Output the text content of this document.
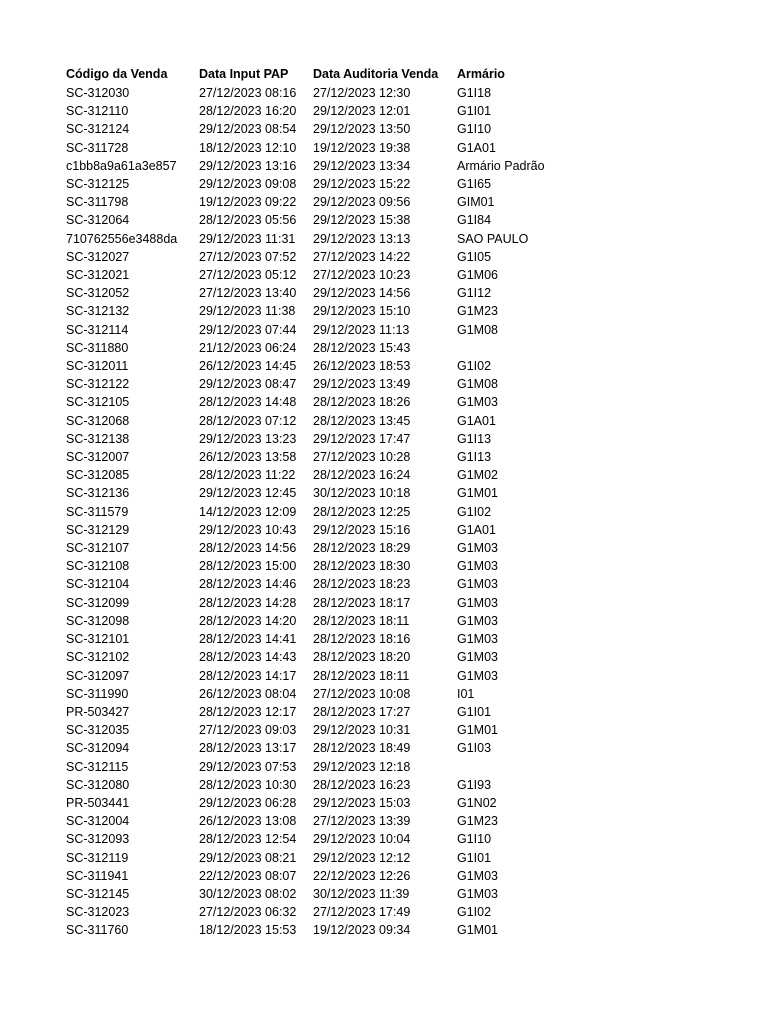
Código da Venda	Data Input PAP	Data Auditoria Venda	Armário
SC-312030	27/12/2023 08:16	27/12/2023 12:30	G1I18
SC-312110	28/12/2023 16:20	29/12/2023 12:01	G1I01
SC-312124	29/12/2023 08:54	29/12/2023 13:50	G1I10
SC-311728	18/12/2023 12:10	19/12/2023 19:38	G1A01
c1bb8a9a61a3e857	29/12/2023 13:16	29/12/2023 13:34	Armário Padrão
SC-312125	29/12/2023 09:08	29/12/2023 15:22	G1I65
SC-311798	19/12/2023 09:22	29/12/2023 09:56	GIM01
SC-312064	28/12/2023 05:56	29/12/2023 15:38	G1I84
710762556e3488da	29/12/2023 11:31	29/12/2023 13:13	SAO PAULO
SC-312027	27/12/2023 07:52	27/12/2023 14:22	G1I05
SC-312021	27/12/2023 05:12	27/12/2023 10:23	G1M06
SC-312052	27/12/2023 13:40	29/12/2023 14:56	G1I12
SC-312132	29/12/2023 11:38	29/12/2023 15:10	G1M23
SC-312114	29/12/2023 07:44	29/12/2023 11:13	G1M08
SC-311880	21/12/2023 06:24	28/12/2023 15:43	
SC-312011	26/12/2023 14:45	26/12/2023 18:53	G1I02
SC-312122	29/12/2023 08:47	29/12/2023 13:49	G1M08
SC-312105	28/12/2023 14:48	28/12/2023 18:26	G1M03
SC-312068	28/12/2023 07:12	28/12/2023 13:45	G1A01
SC-312138	29/12/2023 13:23	29/12/2023 17:47	G1I13
SC-312007	26/12/2023 13:58	27/12/2023 10:28	G1I13
SC-312085	28/12/2023 11:22	28/12/2023 16:24	G1M02
SC-312136	29/12/2023 12:45	30/12/2023 10:18	G1M01
SC-311579	14/12/2023 12:09	28/12/2023 12:25	G1I02
SC-312129	29/12/2023 10:43	29/12/2023 15:16	G1A01
SC-312107	28/12/2023 14:56	28/12/2023 18:29	G1M03
SC-312108	28/12/2023 15:00	28/12/2023 18:30	G1M03
SC-312104	28/12/2023 14:46	28/12/2023 18:23	G1M03
SC-312099	28/12/2023 14:28	28/12/2023 18:17	G1M03
SC-312098	28/12/2023 14:20	28/12/2023 18:11	G1M03
SC-312101	28/12/2023 14:41	28/12/2023 18:16	G1M03
SC-312102	28/12/2023 14:43	28/12/2023 18:20	G1M03
SC-312097	28/12/2023 14:17	28/12/2023 18:11	G1M03
SC-311990	26/12/2023 08:04	27/12/2023 10:08	I01
PR-503427	28/12/2023 12:17	28/12/2023 17:27	G1I01
SC-312035	27/12/2023 09:03	29/12/2023 10:31	G1M01
SC-312094	28/12/2023 13:17	28/12/2023 18:49	G1I03
SC-312115	29/12/2023 07:53	29/12/2023 12:18	
SC-312080	28/12/2023 10:30	28/12/2023 16:23	G1I93
PR-503441	29/12/2023 06:28	29/12/2023 15:03	G1N02
SC-312004	26/12/2023 13:08	27/12/2023 13:39	G1M23
SC-312093	28/12/2023 12:54	29/12/2023 10:04	G1I10
SC-312119	29/12/2023 08:21	29/12/2023 12:12	G1I01
SC-311941	22/12/2023 08:07	22/12/2023 12:26	G1M03
SC-312145	30/12/2023 08:02	30/12/2023 11:39	G1M03
SC-312023	27/12/2023 06:32	27/12/2023 17:49	G1I02
SC-311760	18/12/2023 15:53	19/12/2023 09:34	G1M01
